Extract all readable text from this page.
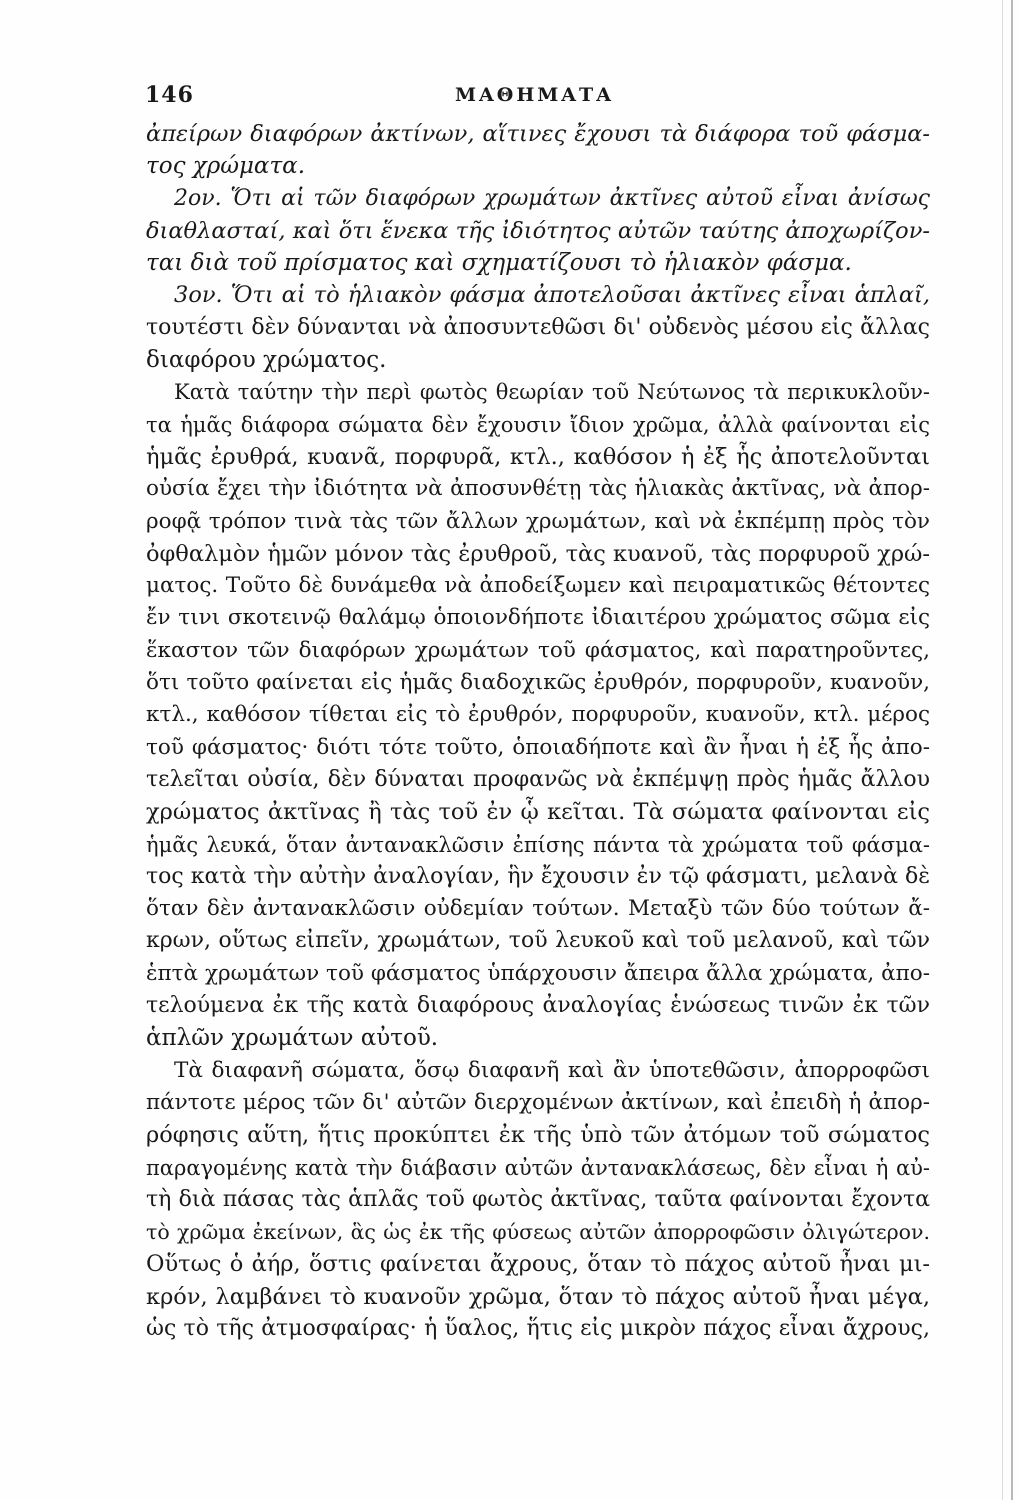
146	ΜΑΘΗΜΑΤΑ
ἀπείρων διαφόρων ἀκτίνων, αἵτινες ἔχουσι τὰ διάφορα τοῦ φάσμα-
τος χρώματα.
2ον. Ὅτι αἱ τῶν διαφόρων χρωμάτων ἀκτῖνες αὐτοῦ εἶναι ἀνίσως
διαθλασταί, καὶ ὅτι ἕνεκα τῆς ἰδιότητος αὐτῶν ταύτης ἀποχωρίζον-
ται διὰ τοῦ πρίσματος καὶ σχηματίζουσι τὸ ἡλιακὸν φάσμα.
3ον. Ὅτι αἱ τὸ ἡλιακὸν φάσμα ἀποτελοῦσαι ἀκτῖνες εἶναι ἁπλαῖ,
τουτέστι δὲν δύνανται νὰ ἀποσυντεθῶσι δι' οὐδενὸς μέσου εἰς ἄλλας
διαφόρου χρώματος.
Κατὰ ταύτην τὴν περὶ φωτὸς θεωρίαν τοῦ Νεύτωνος τὰ περικυκλοῦν-
τα ἡμᾶς διάφορα σώματα δὲν ἔχουσιν ἴδιον χρῶμα, ἀλλὰ φαίνονται εἰς
ἡμᾶς ἐρυθρά, κυανᾶ, πορφυρᾶ, κτλ., καθόσον ἡ ἐξ ἧς ἀποτελοῦνται
οὐσία ἔχει τὴν ἰδιότητα νὰ ἀποσυνθέτῃ τὰς ἡλιακὰς ἀκτῖνας, νὰ ἀπορ-
ροφᾷ τρόπον τινὰ τὰς τῶν ἄλλων χρωμάτων, καὶ νὰ ἐκπέμπῃ πρὸς τὸν
ὀφθαλμὸν ἡμῶν μόνον τὰς ἐρυθροῦ, τὰς κυανοῦ, τὰς πορφυροῦ χρώ-
ματος. Τοῦτο δὲ δυνάμεθα νὰ ἀποδείξωμεν καὶ πειραματικῶς θέτοντες
ἔν τινι σκοτεινῷ θαλάμῳ ὁποιονδήποτε ἰδιαιτέρου χρώματος σῶμα εἰς
ἕκαστον τῶν διαφόρων χρωμάτων τοῦ φάσματος, καὶ παρατηροῦντες,
ὅτι τοῦτο φαίνεται εἰς ἡμᾶς διαδοχικῶς ἐρυθρόν, πορφυροῦν, κυανοῦν,
κτλ., καθόσον τίθεται εἰς τὸ ἐρυθρόν, πορφυροῦν, κυανοῦν, κτλ. μέρος
τοῦ φάσματος· διότι τότε τοῦτο, ὁποιαδήποτε καὶ ἂν ἦναι ἡ ἐξ ἧς ἀπο-
τελεῖται οὐσία, δὲν δύναται προφανῶς νὰ ἐκπέμψῃ πρὸς ἡμᾶς ἄλλου
χρώματος ἀκτῖνας ἢ τὰς τοῦ ἐν ᾧ κεῖται. Τὰ σώματα φαίνονται εἰς
ἡμᾶς λευκά, ὅταν ἀντανακλῶσιν ἐπίσης πάντα τὰ χρώματα τοῦ φάσμα-
τος κατὰ τὴν αὐτὴν ἀναλογίαν, ἣν ἔχουσιν ἐν τῷ φάσματι, μελανὰ δὲ
ὅταν δὲν ἀντανακλῶσιν οὐδεμίαν τούτων. Μεταξὺ τῶν δύο τούτων ἄ-
κρων, οὕτως εἰπεῖν, χρωμάτων, τοῦ λευκοῦ καὶ τοῦ μελανοῦ, καὶ τῶν
ἑπτὰ χρωμάτων τοῦ φάσματος ὑπάρχουσιν ἄπειρα ἄλλα χρώματα, ἀπο-
τελούμενα ἐκ τῆς κατὰ διαφόρους ἀναλογίας ἑνώσεως τινῶν ἐκ τῶν
ἁπλῶν χρωμάτων αὐτοῦ.
Τὰ διαφανῆ σώματα, ὅσῳ διαφανῆ καὶ ἂν ὑποτεθῶσιν, ἀπορροφῶσι
πάντοτε μέρος τῶν δι' αὐτῶν διερχομένων ἀκτίνων, καὶ ἐπειδὴ ἡ ἀπορ-
ρόφησις αὕτη, ἥτις προκύπτει ἐκ τῆς ὑπὸ τῶν ἀτόμων τοῦ σώματος
παραγομένης κατὰ τὴν διάβασιν αὐτῶν ἀντανακλάσεως, δὲν εἶναι ἡ αὐ-
τὴ διὰ πάσας τὰς ἁπλᾶς τοῦ φωτὸς ἀκτῖνας, ταῦτα φαίνονται ἔχοντα
τὸ χρῶμα ἐκείνων, ἃς ὡς ἐκ τῆς φύσεως αὐτῶν ἀπορροφῶσιν ὀλιγώτερον.
Οὕτως ὁ ἀήρ, ὅστις φαίνεται ἄχρους, ὅταν τὸ πάχος αὐτοῦ ἦναι μι-
κρόν, λαμβάνει τὸ κυανοῦν χρῶμα, ὅταν τὸ πάχος αὐτοῦ ἦναι μέγα,
ὡς τὸ τῆς ἀτμοσφαίρας· ἡ ὕαλος, ἥτις εἰς μικρὸν πάχος εἶναι ἄχρους,
